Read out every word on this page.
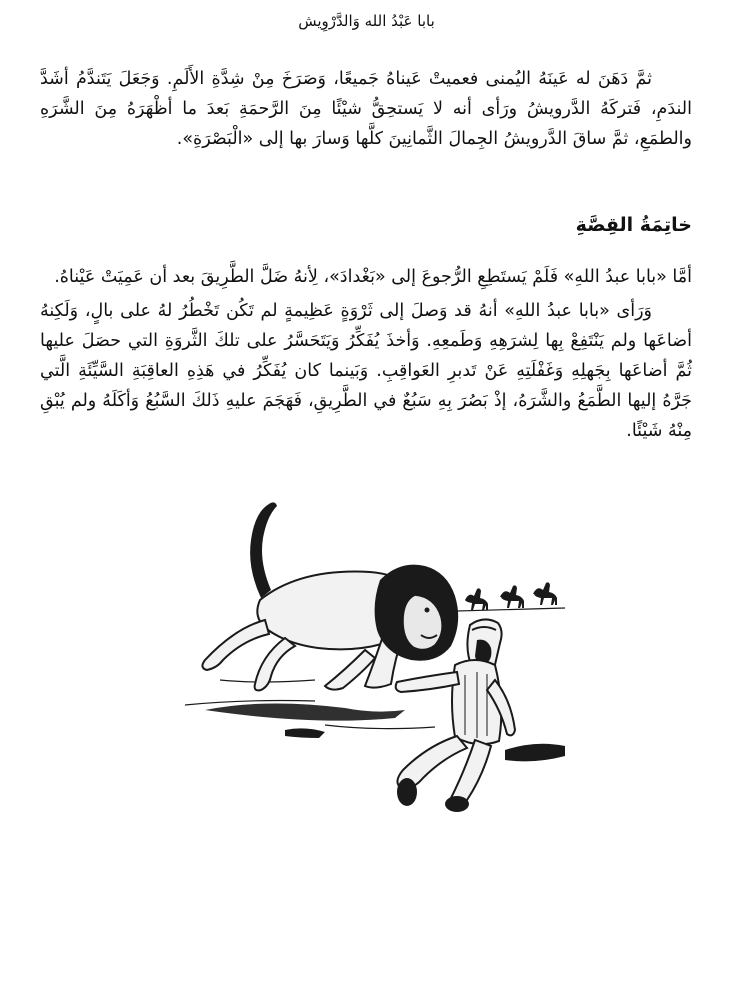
بابا عَبْدُ الله وَالدَّرْوِيش

ثمَّ دَهَنَ له عَينَهُ اليُمنى فعميتْ عَيناهُ جَميعًا، وَصَرَخَ مِنْ شِدَّةِ الأَلَمِ. وَجَعَلَ يَتَندَّمُ أشَدَّ الندَمِ، فَتركَهُ الدَّرويشُ ورَأى أنه لا يَستحِقُّ شيْئًا مِنَ الرَّحمَةِ بَعدَ ما أظْهَرَهُ مِنَ الشَّرَهِ والطمَعِ، ثمَّ ساقَ الدَّرويشُ الجِمالَ الثَّمانِينَ كلَّها وَسارَ بها إلى «الْبَصْرَةِ».

خاتِمَةُ القِصَّةِ

أمَّا «بابا عبدُ اللهِ» فَلَمْ يَستَطِعِ الرُّجوعَ إلى «بَغْدادَ»، لِأنهُ ضَلَّ الطَّرِيقَ بعد أن عَمِيَتْ عَيْناهُ.

وَرَأى «بابا عبدُ اللهِ» أنهُ قد وَصلَ إلى ثَرْوَةٍ عَظِيمةٍ لم تَكُن تَخْطُرُ لهُ على بالٍ، وَلَكِنهُ أضاعَها ولم يَنْتَفِعْ بِها لِشرَهِهِ وَطَمعِهِ. وَأخذَ يُفَكِّرُ وَيَتَحَسَّرُ على تلكَ الثَّروَةِ التي حصَلَ عليها ثُمَّ أضاعَها بِجَهلِهِ وَغَفْلَتِهِ عَنْ تَدبرِ العَواقِبِ. وَبَينما كان يُفَكِّرُ في هَذِهِ العاقِبَةِ السَّيِّئَةِ الَّتي جَرَّهُ إليها الطَّمَعُ والشَّرَهُ، إذْ بَصُرَ بِهِ سَبُعٌ في الطَّرِيقِ، فَهَجَمَ عليهِ ذَلكَ السَّبُعُ وَأكَلَهُ ولم يُبْقِ مِنْهُ شَيْئًا.
